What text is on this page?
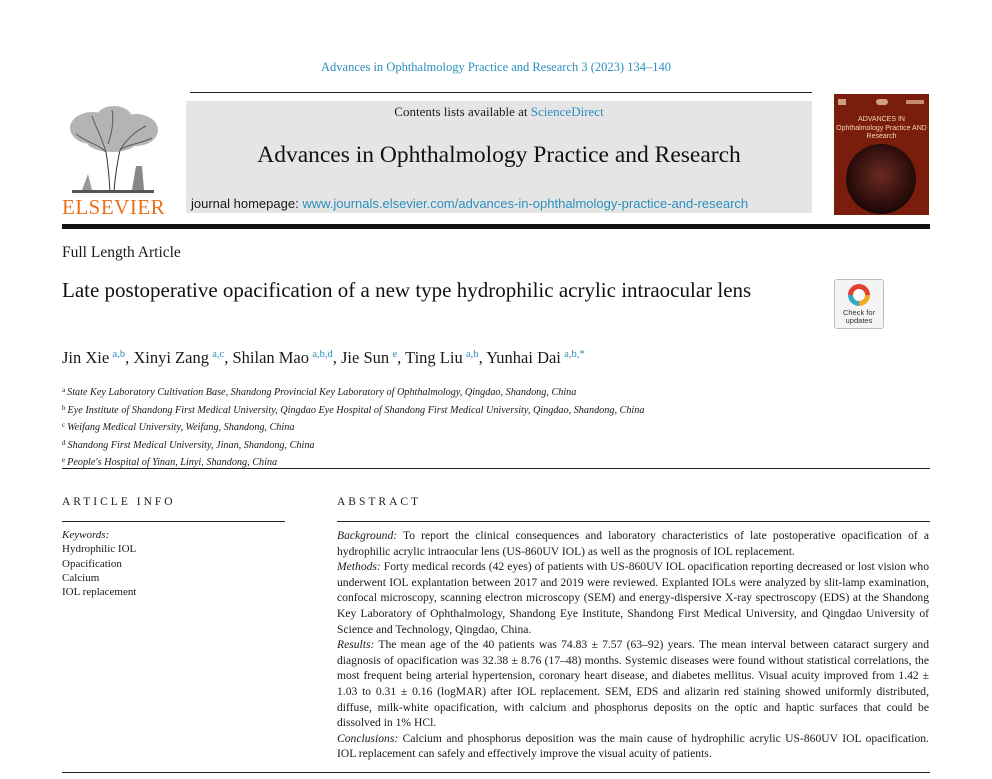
Advances in Ophthalmology Practice and Research 3 (2023) 134–140
ELSEVIER
Contents lists available at ScienceDirect
Advances in Ophthalmology Practice and Research
journal homepage: www.journals.elsevier.com/advances-in-ophthalmology-practice-and-research
ADVANCES IN Ophthalmology Practice AND Research
Full Length Article
Late postoperative opacification of a new type hydrophilic acrylic intraocular lens
Check for updates
Jin Xie  $^{a,b}$, Xinyi Zang  $^{a,c}$, Shilan Mao  $^{a,b,d}$, Jie Sun  $^e$, Ting Liu  $^{a,b}$, Yunhai Dai  $^{a,b,*}$
$^a$ State Key Laboratory Cultivation Base, Shandong Provincial Key Laboratory of Ophthalmology, Qingdao, Shandong, China
$^b$ Eye Institute of Shandong First Medical University, Qingdao Eye Hospital of Shandong First Medical University, Qingdao, Shandong, China
$^c$ Weifang Medical University, Weifang, Shandong, China
$^d$ Shandong First Medical University, Jinan, Shandong, China
$^e$ People's Hospital of Yinan, Linyi, Shandong, China
ARTICLE INFO
Keywords:
Hydrophilic IOL
Opacification
Calcium
IOL replacement
ABSTRACT

Background: To report the clinical consequences and laboratory characteristics of late postoperative opacification of a hydrophilic acrylic intraocular lens (US-860UV IOL) as well as the prognosis of IOL replacement.

Methods: Forty medical records (42 eyes) of patients with US-860UV IOL opacification reporting decreased or lost vision who underwent IOL explantation between 2017 and 2019 were reviewed. Explanted IOLs were analyzed by slit-lamp examination, confocal microscopy, scanning electron microscopy (SEM) and energy-dispersive X-ray spectroscopy (EDS) at the Shandong Key Laboratory of Ophthalmology, Shandong Eye Institute, Shandong First Medical University, and Qingdao University of Science and Technology, Qingdao, China.

Results: The mean age of the 40 patients was 74.83 ± 7.57 (63–92) years. The mean interval between cataract surgery and diagnosis of opacification was 32.38 ± 8.76 (17–48) months. Systemic diseases were found without statistical correlations, the most frequent being arterial hypertension, coronary heart disease, and diabetes mellitus. Visual acuity improved from 1.42 ± 1.03 to 0.31 ± 0.16 (logMAR) after IOL replacement. SEM, EDS and alizarin red staining showed uniformly distributed, diffuse, milk-white opacification, with calcium and phosphorus deposits on the optic and haptic surfaces that could be dissolved in 1% HCl.

Conclusions: Calcium and phosphorus deposition was the main cause of hydrophilic acrylic US-860UV IOL opacification. IOL replacement can safely and effectively improve the visual acuity of patients.
